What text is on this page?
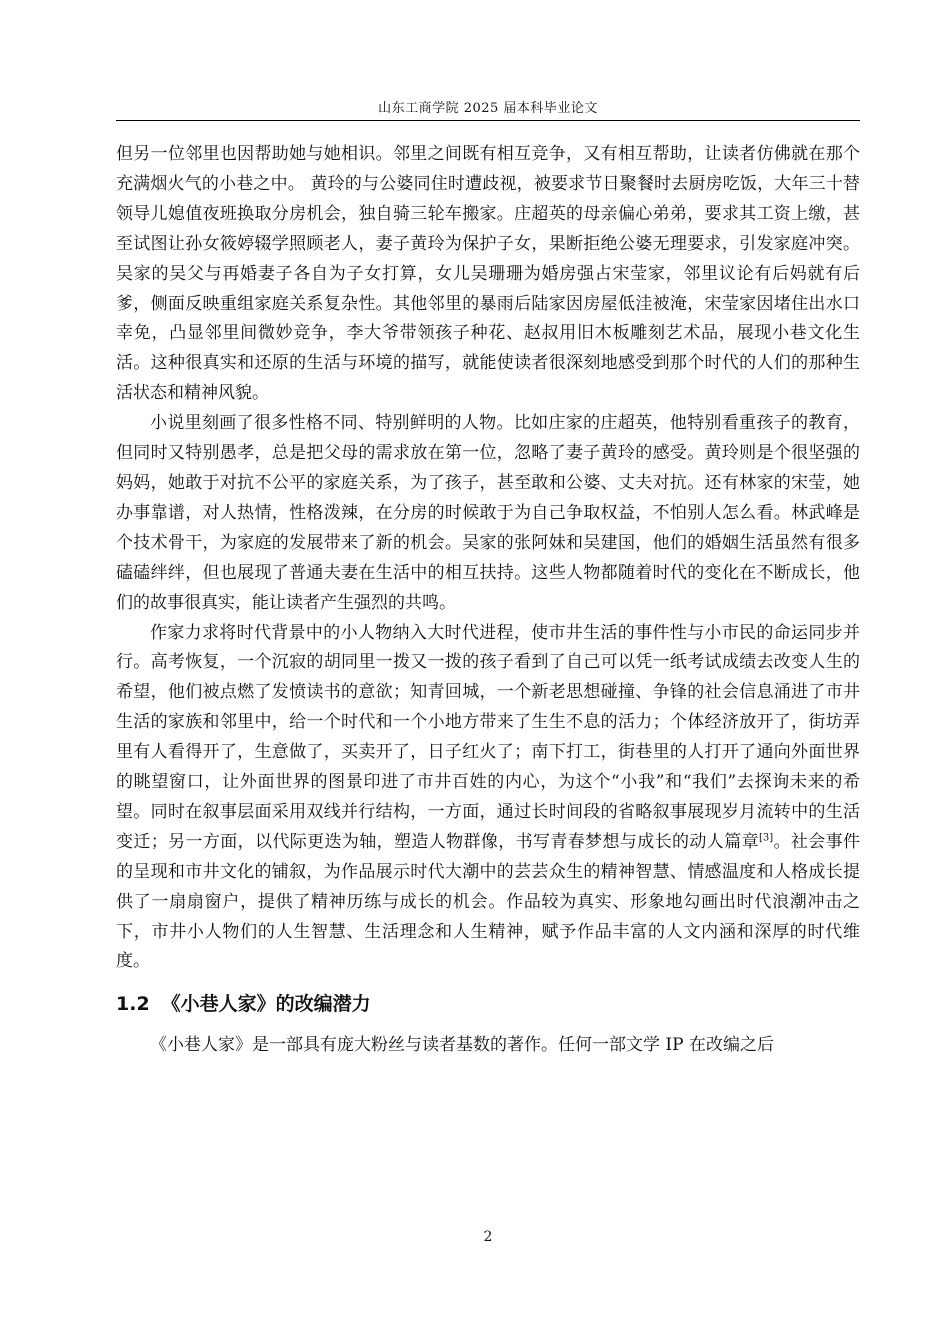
山东工商学院 2025 届本科毕业论文

但另一位邻里也因帮助她与她相识。邻里之间既有相互竞争，又有相互帮助，让读者仿佛就在那个充满烟火气的小巷之中。 黄玲的与公婆同住时遭歧视，被要求节日聚餐时去厨房吃饭，大年三十替领导儿媳值夜班换取分房机会，独自骑三轮车搬家。庄超英的母亲偏心弟弟，要求其工资上缴，甚至试图让孙女筱婷辍学照顾老人，妻子黄玲为保护子女，果断拒绝公婆无理要求，引发家庭冲突。吴家的吴父与再婚妻子各自为子女打算，女儿吴珊珊为婚房强占宋莹家，邻里议论有后妈就有后爹，侧面反映重组家庭关系复杂性。其他邻里的暴雨后陆家因房屋低洼被淹，宋莹家因堵住出水口幸免，凸显邻里间微妙竞争，李大爷带领孩子种花、赵叔用旧木板雕刻艺术品，展现小巷文化生活。这种很真实和还原的生活与环境的描写，就能使读者很深刻地感受到那个时代的人们的那种生活状态和精神风貌。

小说里刻画了很多性格不同、特别鲜明的人物。比如庄家的庄超英，他特别看重孩子的教育，但同时又特别愚孝，总是把父母的需求放在第一位，忽略了妻子黄玲的感受。黄玲则是个很坚强的妈妈，她敢于对抗不公平的家庭关系，为了孩子，甚至敢和公婆、丈夫对抗。还有林家的宋莹，她办事靠谱，对人热情，性格泼辣，在分房的时候敢于为自己争取权益，不怕别人怎么看。林武峰是个技术骨干，为家庭的发展带来了新的机会。吴家的张阿妹和吴建国，他们的婚姻生活虽然有很多磕磕绊绊，但也展现了普通夫妻在生活中的相互扶持。这些人物都随着时代的变化在不断成长，他们的故事很真实，能让读者产生强烈的共鸣。

作家力求将时代背景中的小人物纳入大时代进程，使市井生活的事件性与小市民的命运同步并行。高考恢复，一个沉寂的胡同里一拨又一拨的孩子看到了自己可以凭一纸考试成绩去改变人生的希望，他们被点燃了发愤读书的意欲；知青回城，一个新老思想碰撞、争锋的社会信息涌进了市井生活的家族和邻里中，给一个时代和一个小地方带来了生生不息的活力；个体经济放开了，街坊弄里有人看得开了，生意做了，买卖开了，日子红火了；南下打工，街巷里的人打开了通向外面世界的眺望窗口，让外面世界的图景印进了市井百姓的内心，为这个“小我”和“我们”去探询未来的希望。同时在叙事层面采用双线并行结构，一方面，通过长时间段的省略叙事展现岁月流转中的生活变迁；另一方面，以代际更迭为轴，塑造人物群像，书写青春梦想与成长的动人篇章[3]。社会事件的呈现和市井文化的铺叙，为作品展示时代大潮中的芸芸众生的精神智慧、情感温度和人格成长提供了一扇扇窗户，提供了精神历练与成长的机会。作品较为真实、形象地勾画出时代浪潮冲击之下，市井小人物们的人生智慧、生活理念和人生精神，赋予作品丰富的人文内涵和深厚的时代维度。

1.2 《小巷人家》的改编潜力

《小巷人家》是一部具有庞大粉丝与读者基数的著作。任何一部文学 IP 在改编之后

2
